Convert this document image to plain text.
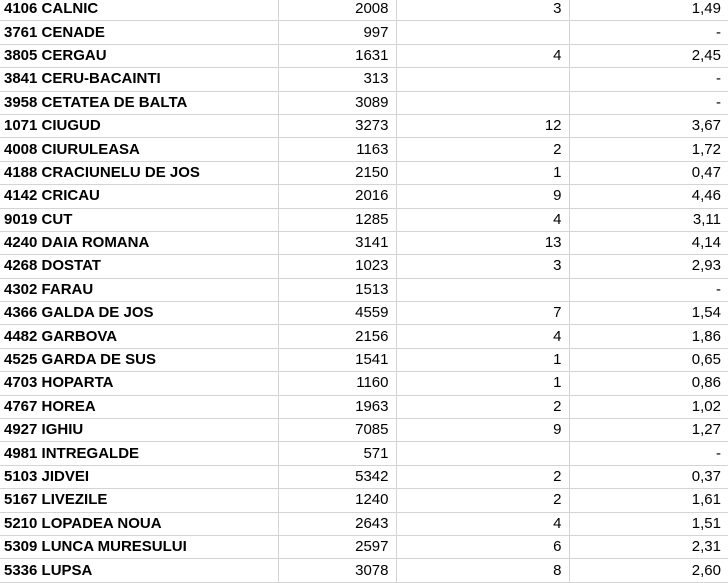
4106 CALNIC	2008	3	1,49
3761 CENADE	997		-
3805 CERGAU	1631	4	2,45
3841 CERU-BACAINTI	313		-
3958 CETATEA DE BALTA	3089		-
1071 CIUGUD	3273	12	3,67
4008 CIURULEASA	1163	2	1,72
4188 CRACIUNELU DE JOS	2150	1	0,47
4142 CRICAU	2016	9	4,46
9019 CUT	1285	4	3,11
4240 DAIA ROMANA	3141	13	4,14
4268 DOSTAT	1023	3	2,93
4302 FARAU	1513		-
4366 GALDA DE JOS	4559	7	1,54
4482 GARBOVA	2156	4	1,86
4525 GARDA DE SUS	1541	1	0,65
4703 HOPARTA	1160	1	0,86
4767 HOREA	1963	2	1,02
4927 IGHIU	7085	9	1,27
4981 INTREGALDE	571		-
5103 JIDVEI	5342	2	0,37
5167 LIVEZILE	1240	2	1,61
5210 LOPADEA NOUA	2643	4	1,51
5309 LUNCA MURESULUI	2597	6	2,31
5336 LUPSA	3078	8	2,60
